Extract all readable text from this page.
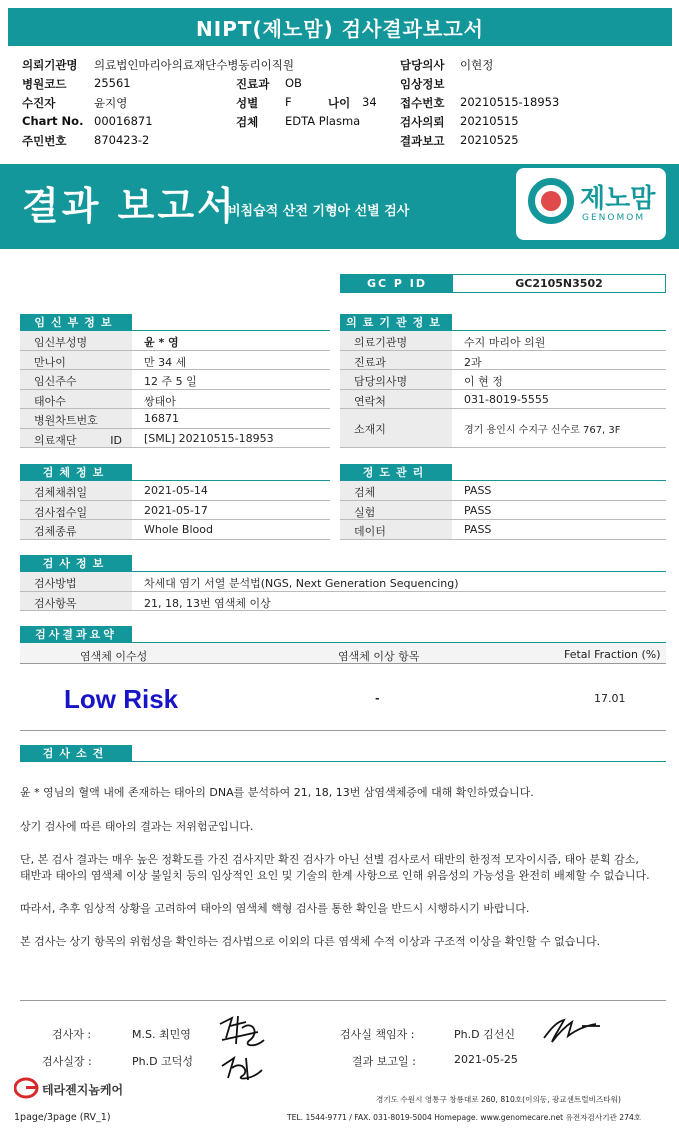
NIPT(제노맘) 검사결과보고서
의뢰기관명 의료법인마리아의료재단수병동리이직원
병원코드 25561
수진자	윤지영
Chart No. 00016871
주민번호 870423-2
진료과 OB
성별 F	나이 34
검체 EDTA Plasma
담당의사 이현정
임상정보
접수번호 20210515-18953
검사의뢰 20210515
결과보고 20210525
결과 보고서
비침습적 산전 기형아 선별 검사	제노맘
GENOMOM
GC P ID	GC2105N3502
임신부정보
임신부성명	윤 * 영
만나이	만 34 세
임신주수	12 주 5 일
태아수	쌍태아
병원차트번호	16871
의료재단 ID	[SML] 20210515-18953
의료기관정보
의료기관명	수지 마리아 의원
진료과	2과
담당의사명	이 현 정
연락처	031-8019-5555
소재지	경기 용인시 수지구 신수로 767, 3F
검체정보
검체채취일	2021-05-14
검사접수일	2021-05-17
검체종류	Whole Blood
정도관리
검체	PASS
실험	PASS
데이터	PASS
검사정보
검사방법	차세대 염기 서열 분석법(NGS, Next Generation Sequencing)
검사항목	21, 18, 13번 염색체 이상
검사결과요약
염색체 이수성	염색체 이상 항목	Fetal Fraction (%)
Low Risk	-	17.01
검사소견
윤 * 영님의 혈액 내에 존재하는 태아의 DNA를 분석하여 21, 18, 13번 삼염색체증에 대해 확인하였습니다.
상기 검사에 따른 태아의 결과는 저위험군입니다.
단, 본 검사 결과는 매우 높은 정확도를 가진 검사지만 확진 검사가 아닌 선별 검사로서 태반의 한정적 모자이시즘, 태아 분획 감소,
태반과 태아의 염색체 이상 불일치 등의 임상적인 요인 및 기술의 한계 사항으로 인해 위음성의 가능성을 완전히 배제할 수 없습니다.
따라서, 추후 임상적 상황을 고려하여 태아의 염색체 핵형 검사를 통한 확인을 반드시 시행하시기 바랍니다.
본 검사는 상기 항목의 위험성을 확인하는 검사법으로 이외의 다른 염색체 수적 이상과 구조적 이상을 확인할 수 없습니다.
검사자 :	M.S. 최민영
검사실장 :	Ph.D 고덕성
검사실 책임자 :	Ph.D 김선신
결과 보고일 :	2021-05-25
테라젠지놈케어
1page/3page (RV_1)
경기도 수원시 영통구 창룡대로 260, 810호(이의동, 광교센트럴비즈타워)
TEL. 1544-9771 / FAX. 031-8019-5004 Homepage. www.genomecare.net 유전자검사기관 274호
